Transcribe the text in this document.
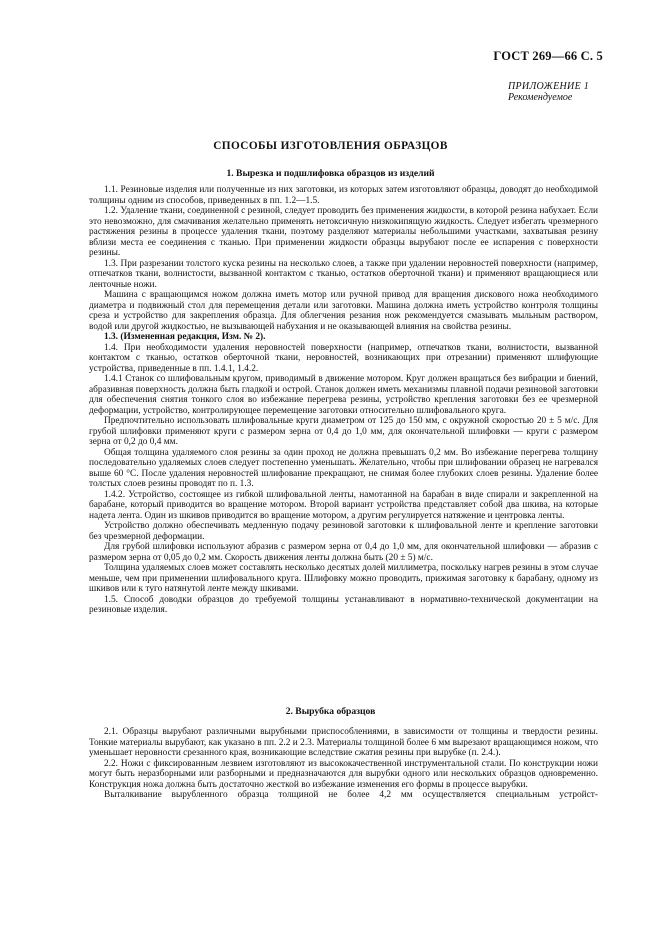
ГОСТ 269—66 С. 5
ПРИЛОЖЕНИЕ 1
Рекомендуемое
СПОСОБЫ ИЗГОТОВЛЕНИЯ ОБРАЗЦОВ
1. Вырезка и подшлифовка образцов из изделий

1.1. Резиновые изделия или полученные из них заготовки, из которых затем изготовляют образцы, доводят до необходимой толщины одним из способов, приведенных в пп. 1.2—1.5.

1.2. Удаление ткани, соединенной с резиной, следует проводить без применения жидкости, в которой резина набухает. Если это невозможно, для смачивания желательно применять нетоксичную низкокипящую жидкость. Следует избегать чрезмерного растяжения резины в процессе удаления ткани, поэтому разделяют материалы небольшими участками, захватывая резину вблизи места ее соединения с тканью. При применении жидкости образцы вырубают после ее испарения с поверхности резины.

1.3. При разрезании толстого куска резины на несколько слоев, а также при удалении неровностей поверхности (например, отпечатков ткани, волнистости, вызванной контактом с тканью, остатков оберточной ткани) и применяют вращающиеся или ленточные ножи.

Машина с вращающимся ножом должна иметь мотор или ручной привод для вращения дискового ножа необходимого диаметра и подвижный стол для перемещения детали или заготовки. Машина должна иметь устройство контроля толщины среза и устройство для закрепления образца. Для облегчения резания нож рекомендуется смазывать мыльным раствором, водой или другой жидкостью, не вызывающей набухания и не оказывающей влияния на свойства резины.

1.3. (Измененная редакция, Изм. № 2).

1.4. При необходимости удаления неровностей поверхности (например, отпечатков ткани, волнистости, вызванной контактом с тканью, остатков оберточной ткани, неровностей, возникающих при отрезании) применяют шлифующие устройства, приведенные в пп. 1.4.1, 1.4.2.

1.4.1 Станок со шлифовальным кругом, приводимый в движение мотором. Круг должен вращаться без вибрации и биений, абразивная поверхность должна быть гладкой и острой. Станок должен иметь механизмы плавной подачи резиновой заготовки для обеспечения снятия тонкого слоя во избежание перегрева резины, устройство крепления заготовки без ее чрезмерной деформации, устройство, контролирующее перемещение заготовки относительно шлифовального круга.

Предпочтительно использовать шлифовальные круги диаметром от 125 до 150 мм, с окружной скоростью 20 ± 5 м/с. Для грубой шлифовки применяют круги с размером зерна от 0,4 до 1,0 мм, для окончательной шлифовки — круги с размером зерна от 0,2 до 0,4 мм.

Общая толщина удаляемого слоя резины за один проход не должна превышать 0,2 мм. Во избежание перегрева толщину последовательно удаляемых слоев следует постепенно уменьшать. Желательно, чтобы при шлифовании образец не нагревался выше 60 °С. После удаления неровностей шлифование прекращают, не снимая более глубоких слоев резины. Удаление более толстых слоев резины проводят по п. 1.3.

1.4.2. Устройство, состоящее из гибкой шлифовальной ленты, намотанной на барабан в виде спирали и закрепленной на барабане, который приводится во вращение мотором. Второй вариант устройства представляет собой два шкива, на которые надета лента. Один из шкивов приводится во вращение мотором, а другим регулируется натяжение и центровка ленты.

Устройство должно обеспечивать медленную подачу резиновой заготовки к шлифовальной ленте и крепление заготовки без чрезмерной деформации.

Для грубой шлифовки используют абразив с размером зерна от 0,4 до 1,0 мм, для окончательной шлифовки — абразив с размером зерна от 0,05 до 0,2 мм. Скорость движения ленты должна быть (20 ± 5) м/с.

Толщина удаляемых слоев может составлять несколько десятых долей миллиметра, поскольку нагрев резины в этом случае меньше, чем при применении шлифовального круга. Шлифовку можно проводить, прижимая заготовку к барабану, одному из шкивов или к туго натянутой ленте между шкивами.

1.5. Способ доводки образцов до требуемой толщины устанавливают в нормативно-технической документации на резиновые изделия.

2. Вырубка образцов

2.1. Образцы вырубают различными вырубными приспособлениями, в зависимости от толщины и твердости резины. Тонкие материалы вырубают, как указано в пп. 2.2 и 2.3. Материалы толщиной более 6 мм вырезают вращающимся ножом, что уменьшает неровности срезанного края, возникающие вследствие сжатия резины при вырубке (п. 2.4.).

2.2. Ножи с фиксированным лезвием изготовляют из высококачественной инструментальной стали. По конструкции ножи могут быть неразборными или разборными и предназначаются для вырубки одного или нескольких образцов одновременно. Конструкция ножа должна быть достаточно жесткой во избежание изменения его формы в процессе вырубки.

Выталкивание вырубленного образца толщиной не более 4,2 мм осуществляется специальным устройст-
